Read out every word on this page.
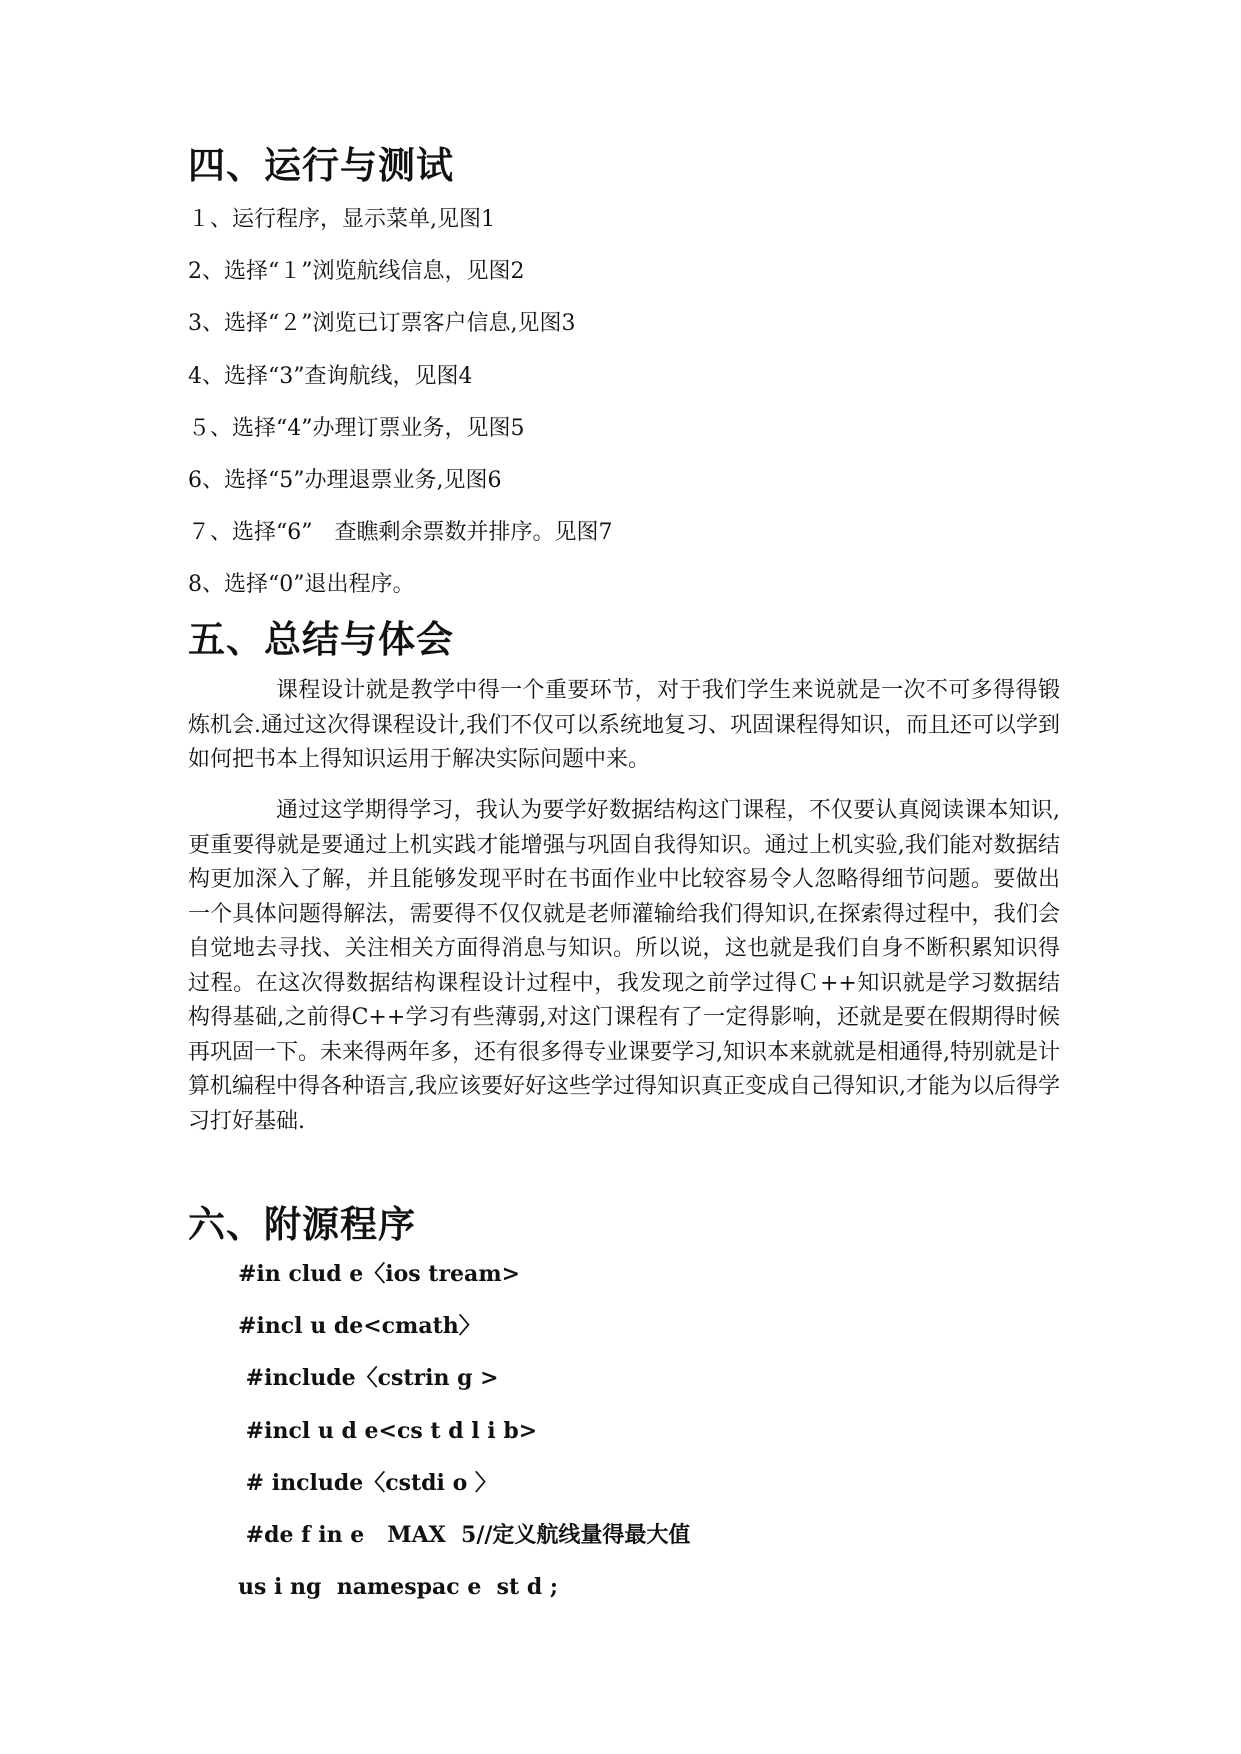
四、运行与测试
１、运行程序，显示菜单,见图1
2、选择“１”浏览航线信息，见图2
3、选择“２”浏览已订票客户信息,见图3
4、选择“3”查询航线，见图4
５、选择“4”办理订票业务，见图5
6、选择“5”办理退票业务,见图6
７、选择“6”　查瞧剩余票数并排序。见图7
8、选择“0”退出程序。
五、总结与体会

课程设计就是教学中得一个重要环节，对于我们学生来说就是一次不可多得得锻炼机会.通过这次得课程设计,我们不仅可以系统地复习、巩固课程得知识，而且还可以学到如何把书本上得知识运用于解决实际问题中来。

通过这学期得学习，我认为要学好数据结构这门课程，不仅要认真阅读课本知识,更重要得就是要通过上机实践才能增强与巩固自我得知识。通过上机实验,我们能对数据结构更加深入了解，并且能够发现平时在书面作业中比较容易令人忽略得细节问题。要做出一个具体问题得解法，需要得不仅仅就是老师灌输给我们得知识,在探索得过程中，我们会自觉地去寻找、关注相关方面得消息与知识。所以说，这也就是我们自身不断积累知识得过程。在这次得数据结构课程设计过程中，我发现之前学过得Ｃ++知识就是学习数据结构得基础,之前得C++学习有些薄弱,对这门课程有了一定得影响，还就是要在假期得时候再巩固一下。未来得两年多，还有很多得专业课要学习,知识本来就就是相通得,特别就是计算机编程中得各种语言,我应该要好好这些学过得知识真正变成自己得知识,才能为以后得学习打好基础.

六、附源程序
#in clud e〈ios tream>
#incl u de<cmath〉
#include〈cstrin g >
#incl u d e<cs t d l i b>
# include〈cstdi o 〉
#de f in e   MAX  5//定义航线量得最大值
us i ng  namespac e  st d ;
